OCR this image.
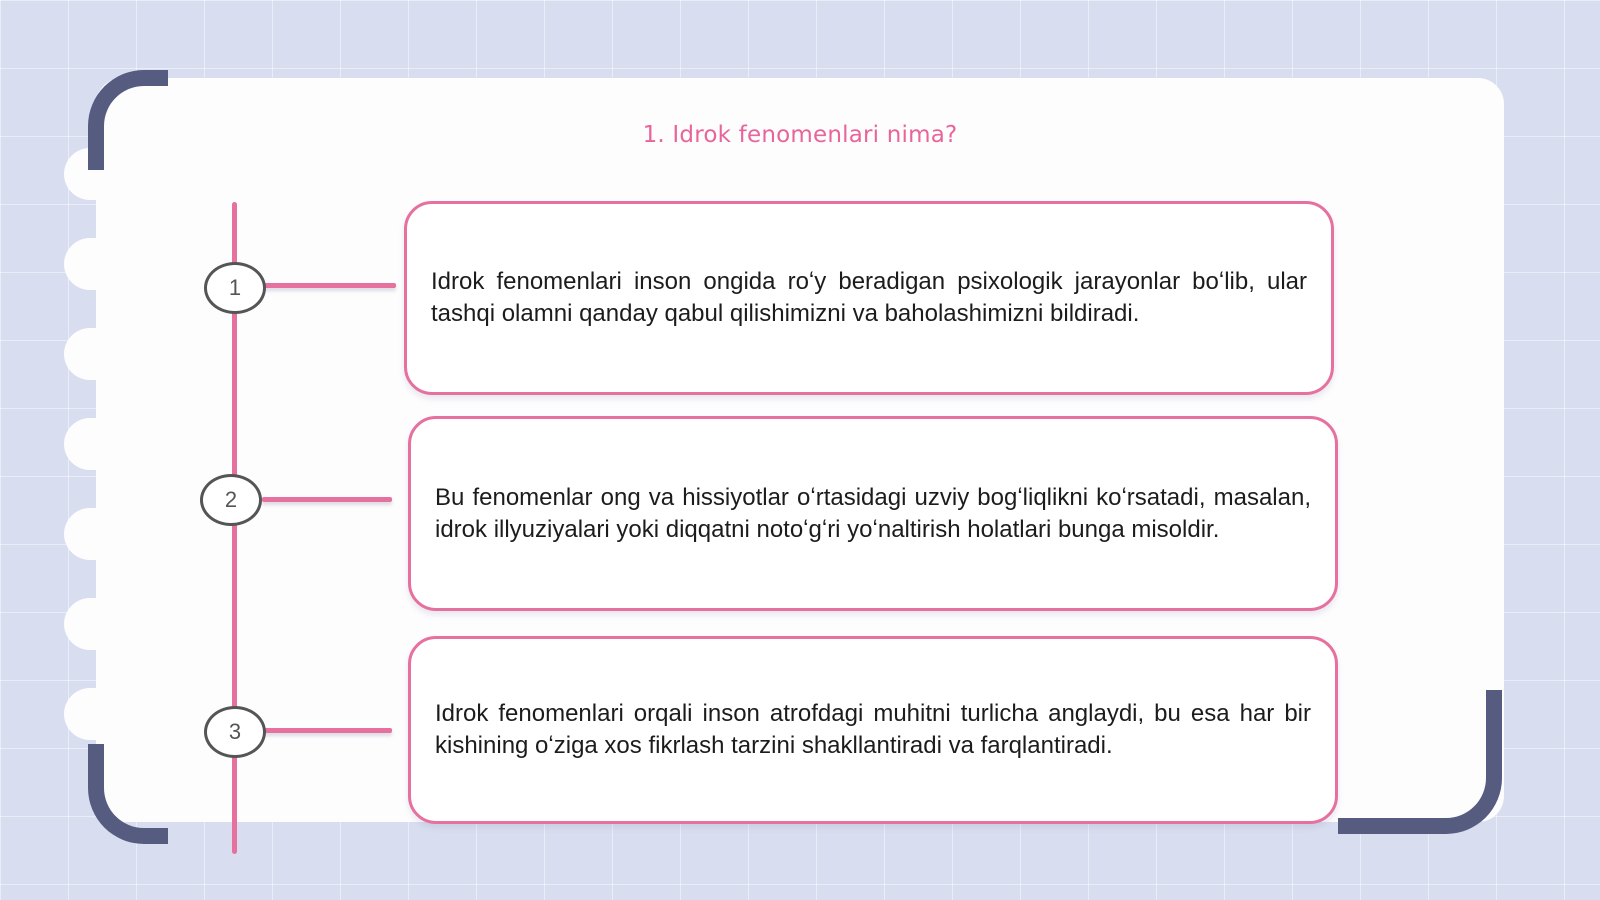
1. Idrok fenomenlari nima?
1	Idrok fenomenlari inson ongida roʻy beradigan psixologik jarayonlar boʻlib, ular tashqi olamni qanday qabul qilishimizni va baholashimizni bildiradi.
2	Bu fenomenlar ong va hissiyotlar oʻrtasidagi uzviy bogʻliqlikni koʻrsatadi, masalan, idrok illyuziyalari yoki diqqatni notoʻgʻri yoʻnaltirish holatlari bunga misoldir.
3
Idrok fenomenlari orqali inson atrofdagi muhitni turlicha anglaydi, bu esa har bir kishining oʻziga xos fikrlash tarzini shakllantiradi va farqlantiradi.
